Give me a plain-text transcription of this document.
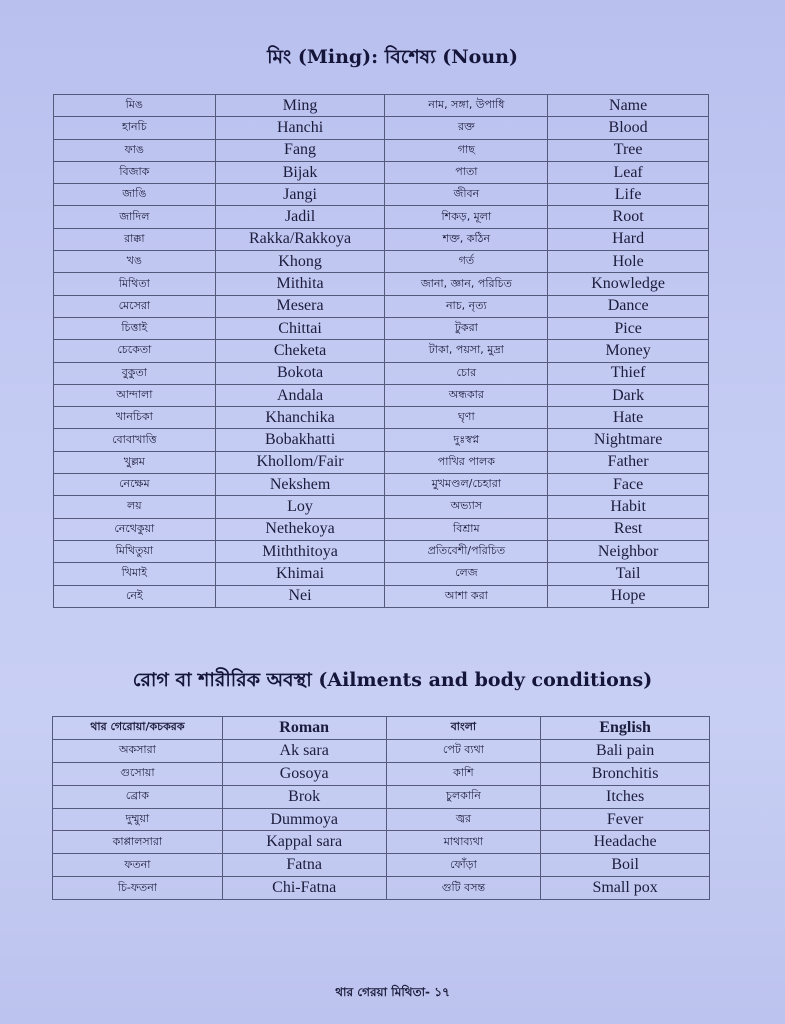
মিং (Ming): বিশেষ্য (Noun)
মিঙ	Ming	নাম, সঙ্গা, উপাধি	Name
হানচি	Hanchi	রক্ত	Blood
ফাঙ	Fang	গাছ	Tree
বিজাক	Bijak	পাতা	Leaf
জাঙি	Jangi	জীবন	Life
জাদিল	Jadil	শিকড়, মূলা	Root
রাক্কা	Rakka/Rakkoya	শক্ত, কঠিন	Hard
খঙ	Khong	গর্ত	Hole
মিথিতা	Mithita	জানা, জ্ঞান, পরিচিত	Knowledge
মেসেরা	Mesera	নাচ, নৃত্য	Dance
চিত্তাই	Chittai	টুকরা	Pice
চেকেতা	Cheketa	টাকা, পয়সা, মুদ্রা	Money
বুকুতা	Bokota	চোর	Thief
আন্দালা	Andala	অন্ধকার	Dark
খানচিকা	Khanchika	ঘৃণা	Hate
বোবাখাত্তি	Bobakhatti	দুঃস্বপ্ন	Nightmare
খুল্লম	Khollom/Fair	পাখির পালক	Father
নেক্ষেম	Nekshem	মুখমণ্ডল/চেহারা	Face
লয়	Loy	অভ্যাস	Habit
নেথেকুয়া	Nethekoya	বিশ্রাম	Rest
মিথিতুয়া	Miththitoya	প্রতিবেশী/পরিচিত	Neighbor
খিমাই	Khimai	লেজ	Tail
নেই	Nei	আশা করা	Hope
রোগ বা শারীরিক অবস্থা (Ailments and body conditions)
থার গেরোয়া/কচকরক	Roman	বাংলা	English
অকসারা	Ak sara	পেট ব্যথা	Bali pain
গুসোয়া	Gosoya	কাশি	Bronchitis
ব্রোক	Brok	চুলকানি	Itches
দুম্মুয়া	Dummoya	জ্বর	Fever
কাপ্পালসারা	Kappal sara	মাথাব্যথা	Headache
ফতনা	Fatna	ফোঁড়া	Boil
চি-ফতনা	Chi-Fatna	গুটি বসন্ত	Small pox
থার গেরয়া মিথিতা- ১৭
